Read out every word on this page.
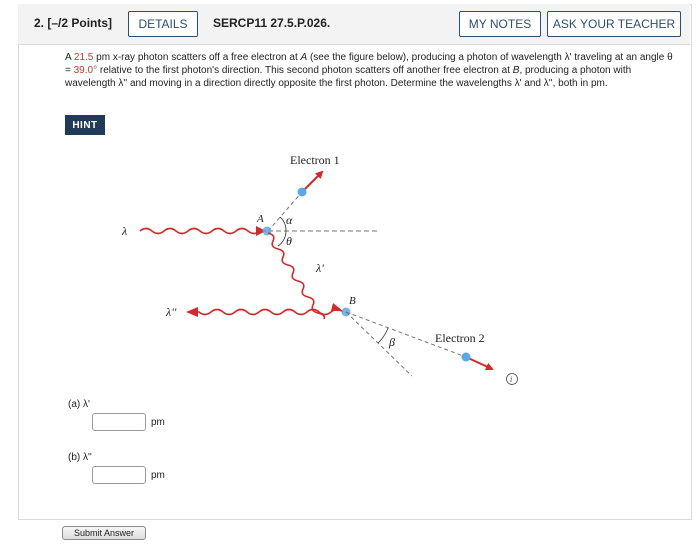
2. [–/2 Points]	DETAILS	SERCP11 27.5.P.026.	MY NOTES	ASK YOUR TEACHER
A 21.5 pm x-ray photon scatters off a free electron at A (see the figure below), producing a photon of wavelength λ' traveling at an angle θ = 39.0° relative to the first photon's direction. This second photon scatters off another free electron at B, producing a photon with wavelength λ'' and moving in a direction directly opposite the first photon. Determine the wavelengths λ' and λ'', both in pm.
HINT
Electron 1
Electron 2
λ
λ'
λ''
A
B
α
θ
β
i
(a) λ'
pm
(b) λ''
pm
Submit Answer
